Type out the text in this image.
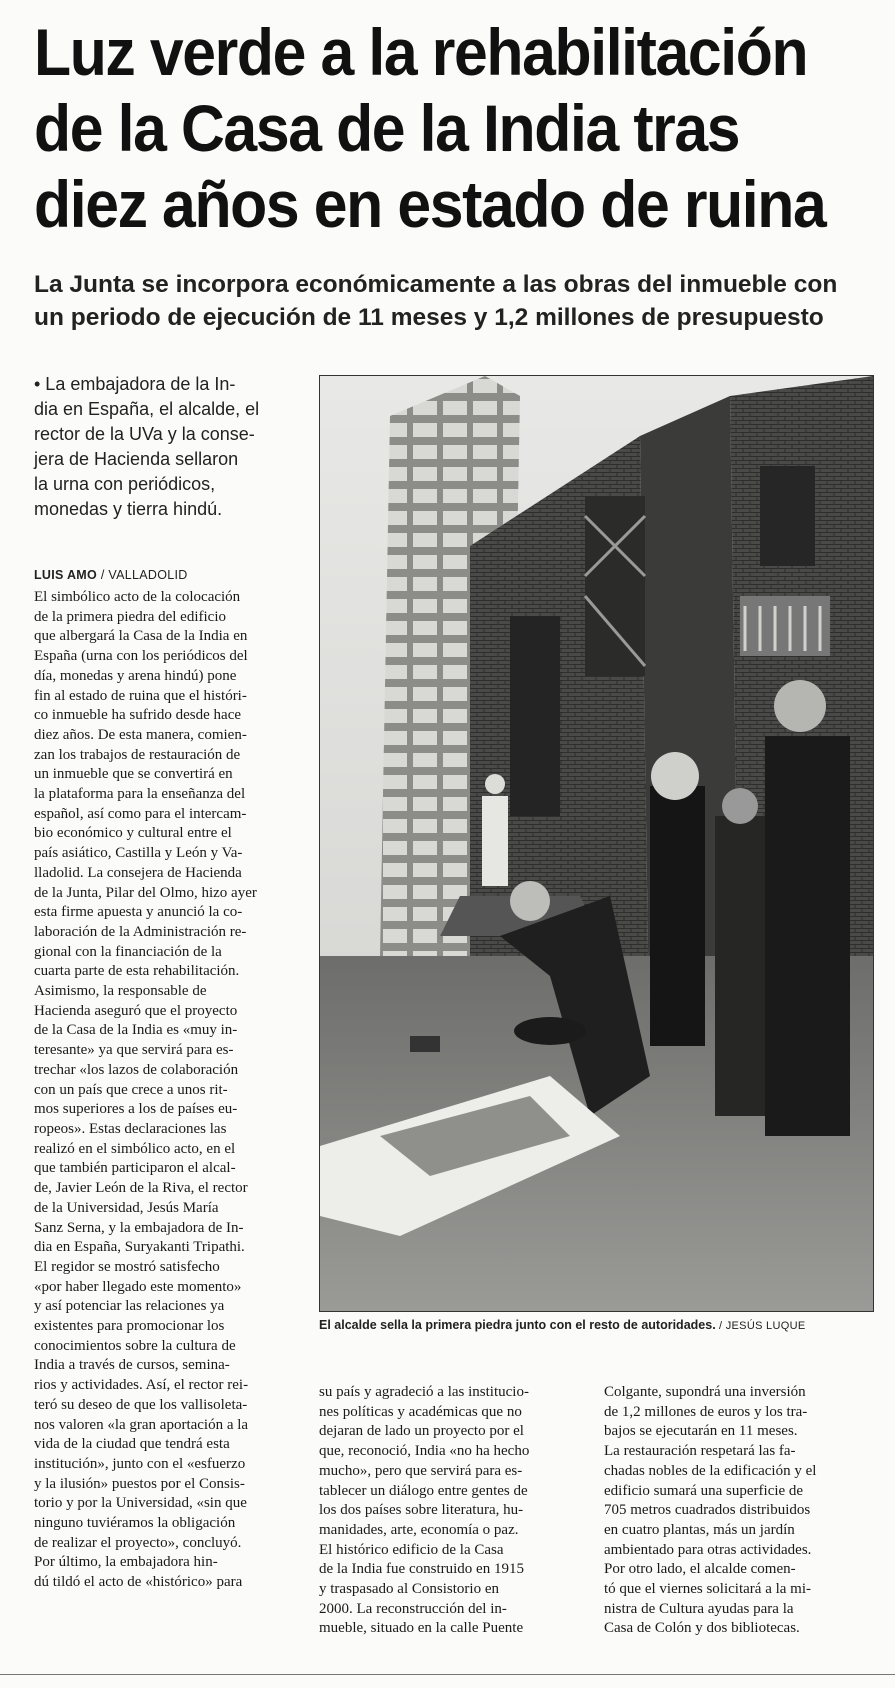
Luz verde a la rehabilitación
de la Casa de la India tras
diez años en estado de ruina
La Junta se incorpora económicamente a las obras del inmueble con
un periodo de ejecución de 11 meses y 1,2 millones de presupuesto
• La embajadora de la In-
dia en España, el alcalde, el
rector de la UVa y la conse-
jera de Hacienda sellaron
la urna con periódicos,
monedas y tierra hindú.
LUIS AMO / VALLADOLID
El simbólico acto de la colocación
de la primera piedra del edificio
que albergará la Casa de la India en
España (urna con los periódicos del
día, monedas y arena hindú) pone
fin al estado de ruina que el históri-
co inmueble ha sufrido desde hace
diez años. De esta manera, comien-
zan los trabajos de restauración de
un inmueble que se convertirá en
la plataforma para la enseñanza del
español, así como para el intercam-
bio económico y cultural entre el
país asiático, Castilla y León y Va-
lladolid. La consejera de Hacienda
de la Junta, Pilar del Olmo, hizo ayer
esta firme apuesta y anunció la co-
laboración de la Administración re-
gional con la financiación de la
cuarta parte de esta rehabilitación.
Asimismo, la responsable de
Hacienda aseguró que el proyecto
de la Casa de la India es «muy in-
teresante» ya que servirá para es-
trechar «los lazos de colaboración
con un país que crece a unos rit-
mos superiores a los de países eu-
ropeos». Estas declaraciones las
realizó en el simbólico acto, en el
que también participaron el alcal-
de, Javier León de la Riva, el rector
de la Universidad, Jesús María
Sanz Serna, y la embajadora de In-
dia en España, Suryakanti Tripathi.
El regidor se mostró satisfecho
«por haber llegado este momento»
y así potenciar las relaciones ya
existentes para promocionar los
conocimientos sobre la cultura de
India a través de cursos, semina-
rios y actividades. Así, el rector rei-
teró su deseo de que los vallisoleta-
nos valoren «la gran aportación a la
vida de la ciudad que tendrá esta
institución», junto con el «esfuerzo
y la ilusión» puestos por el Consis-
torio y por la Universidad, «sin que
ninguno tuviéramos la obligación
de realizar el proyecto», concluyó.
Por último, la embajadora hin-
dú tildó el acto de «histórico» para
El alcalde sella la primera piedra junto con el resto de autoridades. / JESÚS LUQUE
su país y agradeció a las institucio-
nes políticas y académicas que no
dejaran de lado un proyecto por el
que, reconoció, India «no ha hecho
mucho», pero que servirá para es-
tablecer un diálogo entre gentes de
los dos países sobre literatura, hu-
manidades, arte, economía o paz.
El histórico edificio de la Casa
de la India fue construido en 1915
y traspasado al Consistorio en
2000. La reconstrucción del in-
mueble, situado en la calle Puente
Colgante, supondrá una inversión
de 1,2 millones de euros y los tra-
bajos se ejecutarán en 11 meses.
La restauración respetará las fa-
chadas nobles de la edificación y el
edificio sumará una superficie de
705 metros cuadrados distribuidos
en cuatro plantas, más un jardín
ambientado para otras actividades.
Por otro lado, el alcalde comen-
tó que el viernes solicitará a la mi-
nistra de Cultura ayudas para la
Casa de Colón y dos bibliotecas.
